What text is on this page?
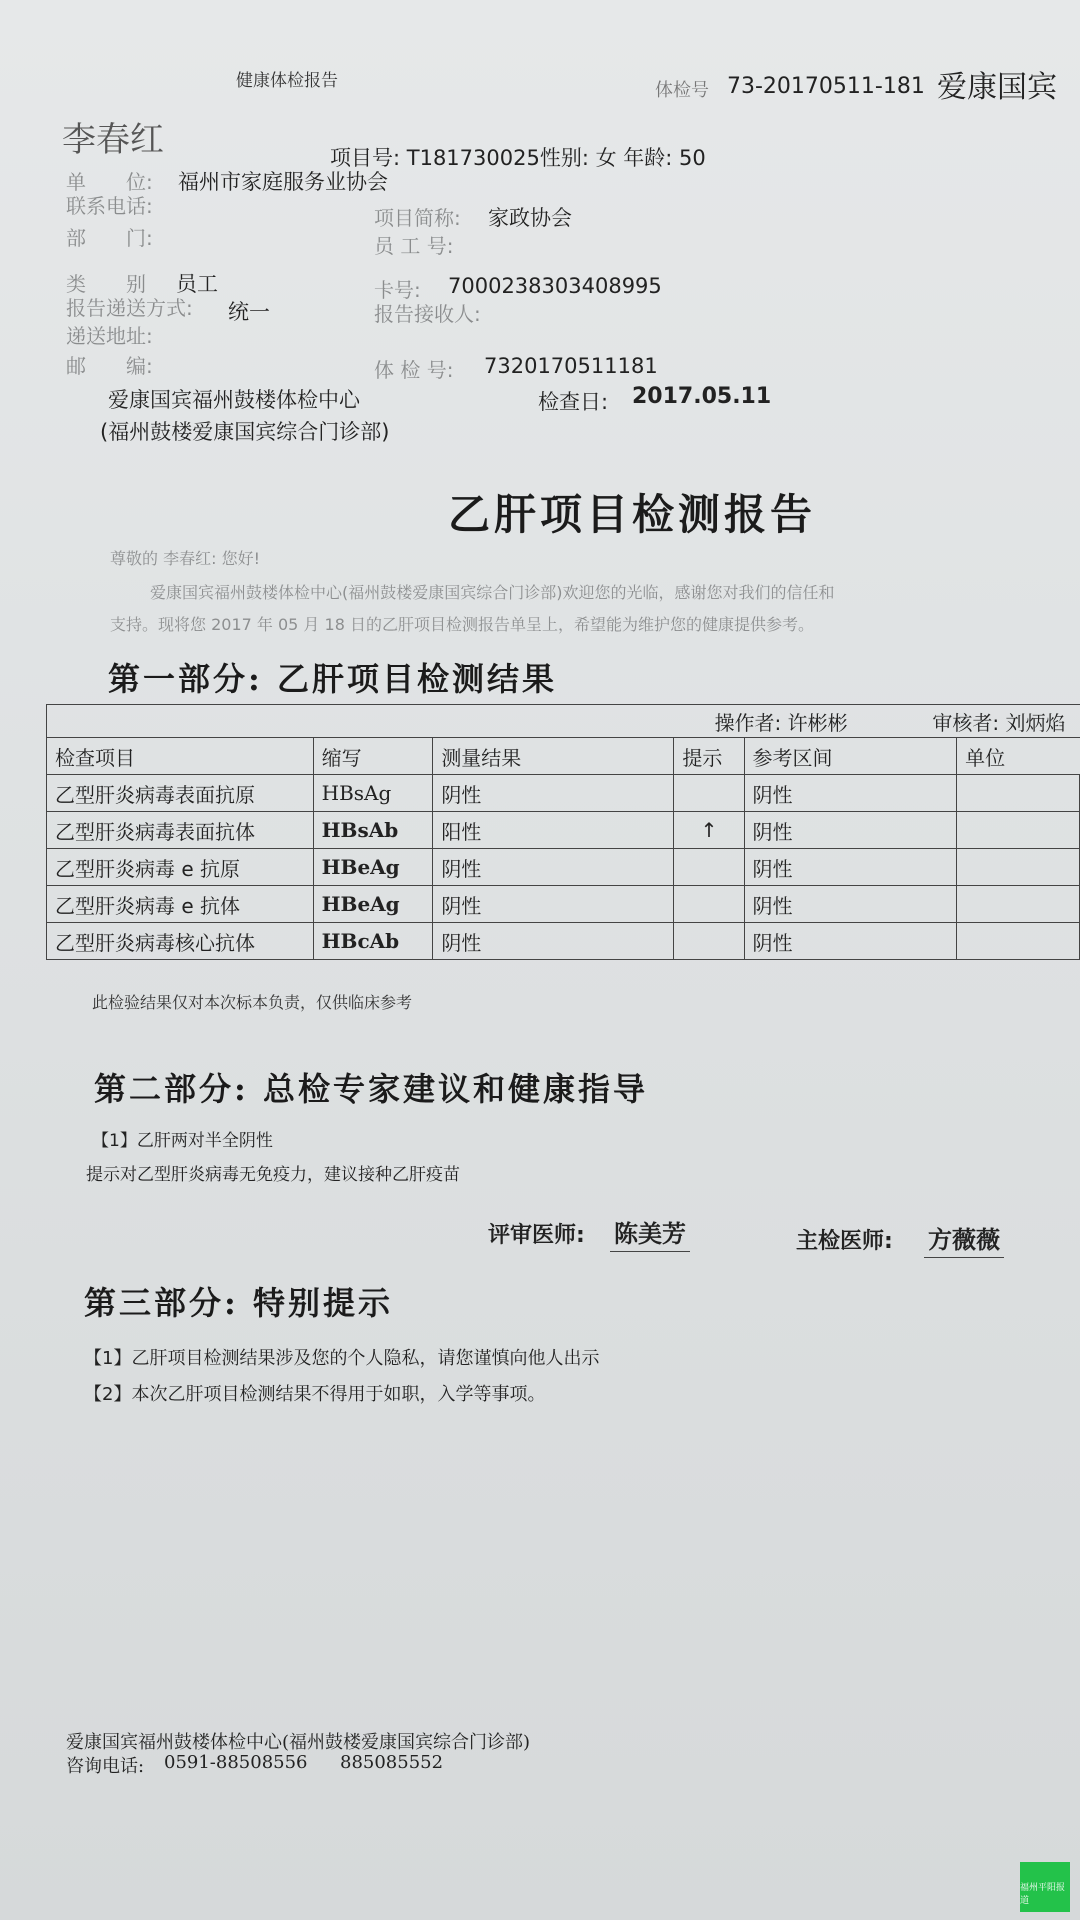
健康体检报告	体检号 73-20170511-181 爱康国宾
李春红	项目号: T181730025性别: 女 年龄: 50
单　　位: 福州市家庭服务业协会
联系电话:	项目简称: 家政协会
部　　门:	员 工 号:
类　　别 员工	卡号: 7000238303408995
报告递送方式: 统一	报告接收人:
递送地址:
邮　　编:	体 检 号: 7320170511181
爱康国宾福州鼓楼体检中心	检查日: 2017.05.11
(福州鼓楼爱康国宾综合门诊部)
乙肝项目检测报告
尊敬的 李春红: 您好!
爱康国宾福州鼓楼体检中心(福州鼓楼爱康国宾综合门诊部)欢迎您的光临，感谢您对我们的信任和
支持。现将您 2017 年 05 月 18 日的乙肝项目检测报告单呈上，希望能为维护您的健康提供参考。
第一部分: 乙肝项目检测结果
操作者: 许彬彬 审核者: 刘炳焰					
检查项目	缩写	测量结果	提示	参考区间	单位
乙型肝炎病毒表面抗原	HBsAg	阴性		阴性	
乙型肝炎病毒表面抗体	HBsAb	阳性	↑	阴性	
乙型肝炎病毒 e 抗原	HBeAg	阴性		阴性	
乙型肝炎病毒 e 抗体	HBeAg	阴性		阴性	
乙型肝炎病毒核心抗体	HBcAb	阴性		阴性	
此检验结果仅对本次标本负责，仅供临床参考
第二部分: 总检专家建议和健康指导
【1】乙肝两对半全阴性
提示对乙型肝炎病毒无免疫力，建议接种乙肝疫苗
评审医师: 陈美芳	主检医师: 方薇薇
第三部分: 特别提示
【1】乙肝项目检测结果涉及您的个人隐私，请您谨慎向他人出示
【2】本次乙肝项目检测结果不得用于如职，入学等事项。
爱康国宾福州鼓楼体检中心(福州鼓楼爱康国宾综合门诊部)
咨询电话: 0591-88508556 885085552
福州平阳报道
